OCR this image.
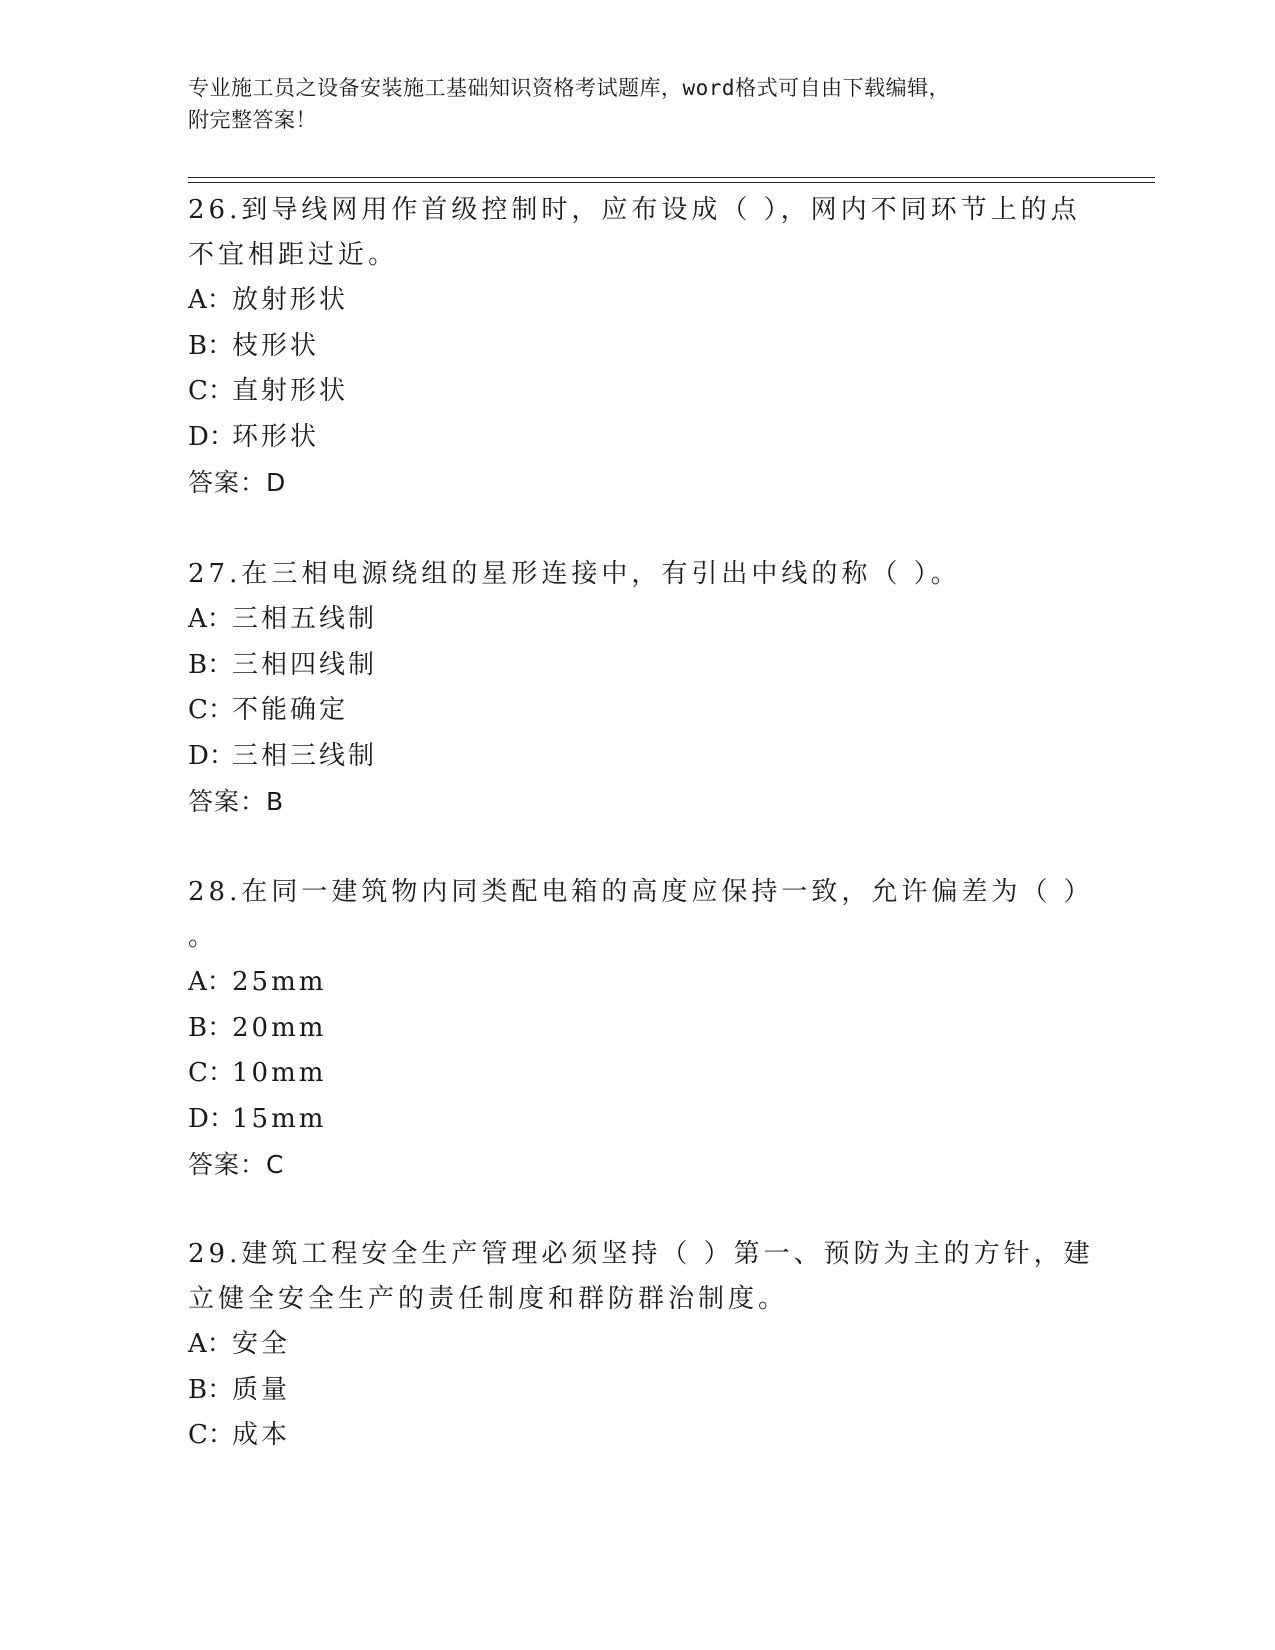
专业施工员之设备安装施工基础知识资格考试题库，word格式可自由下载编辑，
附完整答案！
26.到导线网用作首级控制时，应布设成（ ），网内不同环节上的点
不宜相距过近。
A：放射形状
B：枝形状
C：直射形状
D：环形状
答案：D
27.在三相电源绕组的星形连接中，有引出中线的称（ ）。
A：三相五线制
B：三相四线制
C：不能确定
D：三相三线制
答案：B
28.在同一建筑物内同类配电箱的高度应保持一致，允许偏差为（ ）
。
A：25mm
B：20mm
C：10mm
D：15mm
答案：C
29.建筑工程安全生产管理必须坚持（ ）第一、预防为主的方针，建
立健全安全生产的责任制度和群防群治制度。
A：安全
B：质量
C：成本
